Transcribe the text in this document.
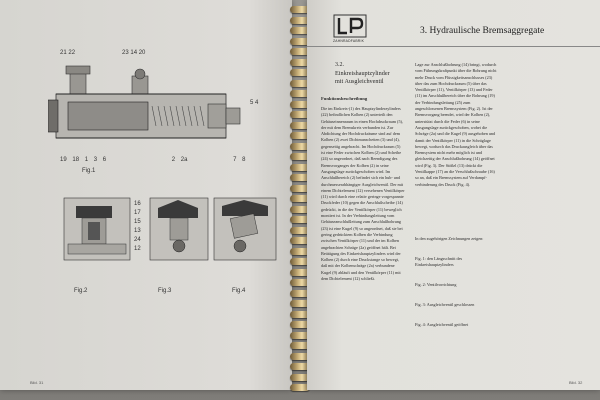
21 22	23 14 20
5 4
19 18 1 3 6	2 2a	7 8
Fig.1
16
17
15
13
24
12
Fig.2	Fig.3	Fig.4
Bild. 31
ZAHNRADFABRIK
3. Hydraulische Bremsaggregate
3.2.
Einkreishauptzylinder
mit Ausgleichventil
Funktionsbeschreibung
Die im Einkreis-(1) des Hauptzylinderzylinders (22) befindlichen Kolben (2) unterteilt den Gehäuseinnenraum in einen Hochdruckraum (5), der mit dem Bremskreis verbunden ist. Zur Abdichtung der Hochdruckräume sind auf dem Kolben (2) zwei Dichtmanschetten (3) und (4), gegenseitig angebracht. Im Hochdruckraum (5) ist eine Feder zwischen Kolben (2) und Scheibe (24) so angeordnet, daß nach Beendigung des Bremsvorganges der Kolben (2) in seine Ausgangslage zurückgeschoben wird. Im Anschlußbereich (2) befindet sich ein hub- und durchmesserabhängiger Ausgleichventil. Der mit einem Dichtelement (12) versehenen Ventilkörper (11) wird durch eine relativ geringe vorgespannte Druckfeder (10) gegen die Anschlußscheibe (14) gedrückt, in die der Ventilkörper (11) beweglich montiert ist. In der Verbindungsleitung vom Gehäuseanschlußleitung zum Anschlußbohrung (23) ist eine Kugel (9) so angeordnet, daß sie bei gering gedrücktem Kolben die Verbindung zwischen Ventilkörper (11) und der im Kolben angebrachten Schräge (2a) geöffnet hält. Bei Betätigung des Einkreishauptzylinders wird der Kolben (2) durch eine Druckstange so bewegt, daß mit der Kolbenschräge (2a) verbundene Kugel (9) abläuft und den Ventilkörper (11) mit dem Dichtelement (12) schließt.
Lage zur Anschlußbohrung (14) bringt, wodurch vom Führungskraftpunkt über die Bohrung nicht mehr Druck vom Flüssigkeitsanschlusses (23) über das zum Hochdruckraum (5) über das Ventilkörper (11), Ventilkörper (13) und Feder (11) im Anschlußbereich über die Bohrung (19) der Verbindungsleitung (25) zum angeschlossenen Bremssystem (Fig. 2). Ist der Bremsvorgang beendet, wird der Kolben (2), unterstützt durch die Feder (6) in seine Ausgangslage zurückgeschoben, wobei die Schräge (2a) und die Kugel (9) ausgehoben und damit der Ventilkörper (11) in die Schräglage bewegt, wodurch das Druckausgleich über das Bremsystem nicht mehr möglich ist und gleichzeitig der Anschlußbohrung (14) geöffnet wird (Fig. 3). Der Stößel (13) drückt die Ventilkappe (17) an die Verschlußschraube (16) so an, daß ein Bremssystem auf Verdampf- verhinderung des Druck (Fig. 4).
In den zugehörigen Zeichnungen zeigen:
Fig. 1: den Längsschnitt des Einkreishauptzylinders
Fig. 2: Ventilvorrichtung
Fig. 3: Ausgleichventil geschlossen
Fig. 4: Ausgleichventil geöffnet
Bild. 32
